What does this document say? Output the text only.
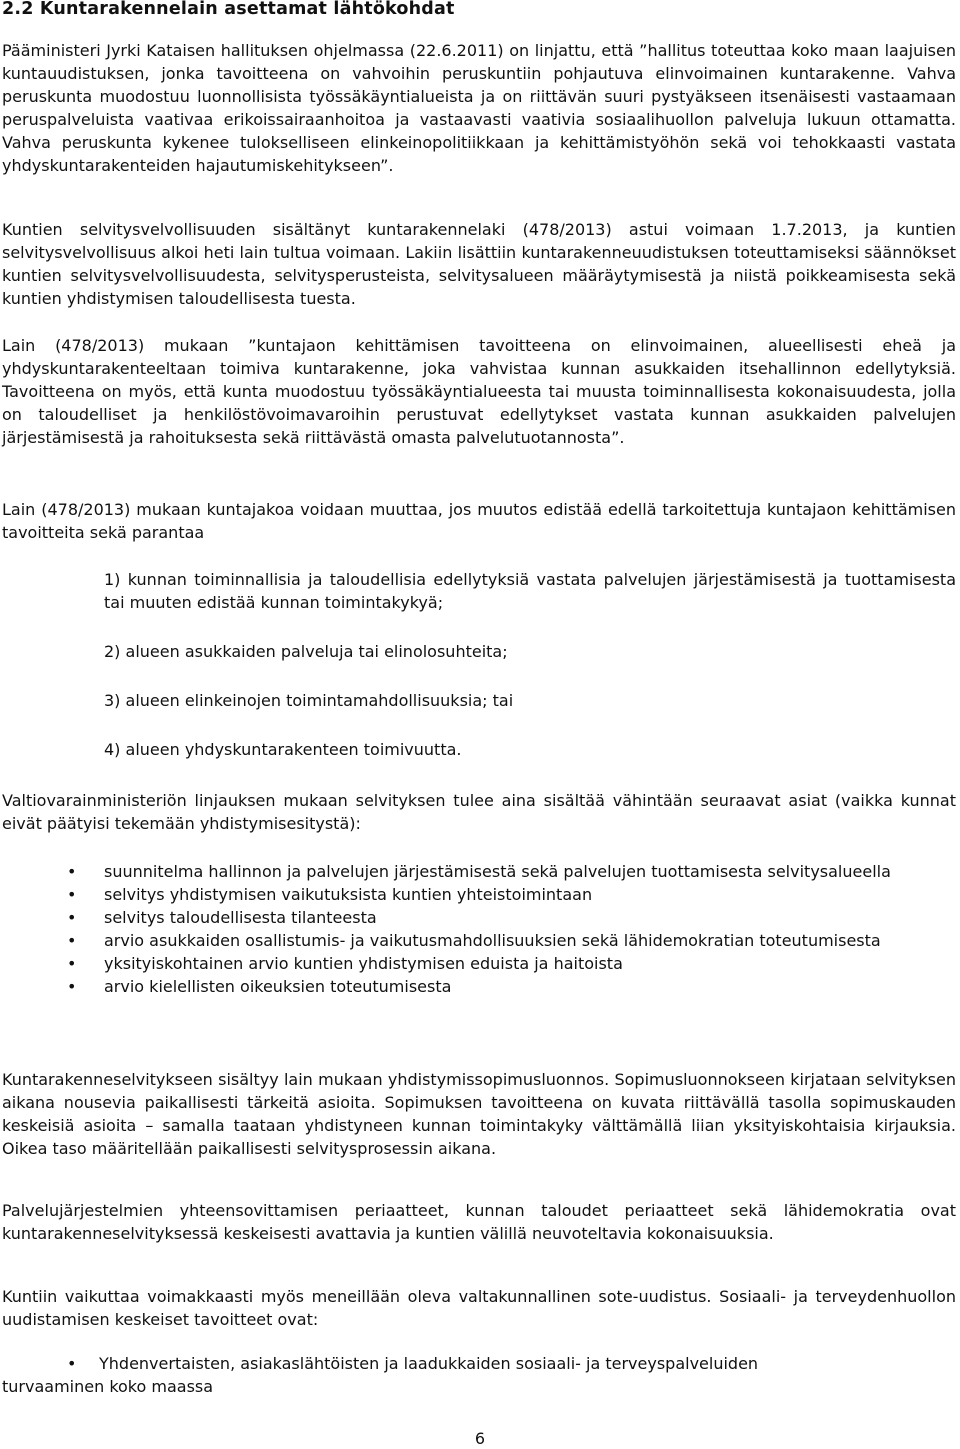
2.2 Kuntarakennelain asettamat lähtökohdat

Pääministeri Jyrki Kataisen hallituksen ohjelmassa (22.6.2011) on linjattu, että ”hallitus toteuttaa koko maan laajuisen kuntauudistuksen, jonka tavoitteena on vahvoihin peruskuntiin pohjautuva elinvoimainen kuntarakenne. Vahva peruskunta muodostuu luonnollisista työssäkäyntialueista ja on riittävän suuri pystyäkseen itsenäisesti vastaamaan peruspalveluista vaativaa erikoissairaanhoitoa ja vastaavasti vaativia sosiaalihuollon palveluja lukuun ottamatta. Vahva peruskunta kykenee tulokselliseen elinkeinopolitiikkaan ja kehittämistyöhön sekä voi tehokkaasti vastata yhdyskuntarakenteiden hajautumiskehitykseen”.

Kuntien selvitysvelvollisuuden sisältänyt kuntarakennelaki (478/2013) astui voimaan 1.7.2013, ja kuntien selvitysvelvollisuus alkoi heti lain tultua voimaan. Lakiin lisättiin kuntarakenneuudistuksen toteuttamiseksi säännökset kuntien selvitysvelvollisuudesta, selvitysperusteista, selvitysalueen määräytymisestä ja niistä poikkeamisesta sekä kuntien yhdistymisen taloudellisesta tuesta.

Lain (478/2013) mukaan ”kuntajaon kehittämisen tavoitteena on elinvoimainen, alueellisesti eheä ja yhdyskuntarakenteeltaan toimiva kuntarakenne, joka vahvistaa kunnan asukkaiden itsehallinnon edellytyksiä. Tavoitteena on myös, että kunta muodostuu työssäkäyntialueesta tai muusta toiminnallisesta kokonaisuudesta, jolla on taloudelliset ja henkilöstövoimavaroihin perustuvat edellytykset vastata kunnan asukkaiden palvelujen järjestämisestä ja rahoituksesta sekä riittävästä omasta palvelutuotannosta”.

Lain (478/2013) mukaan kuntajakoa voidaan muuttaa, jos muutos edistää edellä tarkoitettuja kuntajaon kehittämisen tavoitteita sekä parantaa

1) kunnan toiminnallisia ja taloudellisia edellytyksiä vastata palvelujen järjestämisestä ja tuottamisesta tai muuten edistää kunnan toimintakykyä;

2) alueen asukkaiden palveluja tai elinolosuhteita;

3) alueen elinkeinojen toimintamahdollisuuksia; tai

4) alueen yhdyskuntarakenteen toimivuutta.

Valtiovarainministeriön linjauksen mukaan selvityksen tulee aina sisältää vähintään seuraavat asiat (vaikka kunnat eivät päätyisi tekemään yhdistymisesitystä):

• suunnitelma hallinnon ja palvelujen järjestämisestä sekä palvelujen tuottamisesta selvitysalueella
• selvitys yhdistymisen vaikutuksista kuntien yhteistoimintaan
• selvitys taloudellisesta tilanteesta
• arvio asukkaiden osallistumis- ja vaikutusmahdollisuuksien sekä lähidemokratian toteutumisesta
• yksityiskohtainen arvio kuntien yhdistymisen eduista ja haitoista
• arvio kielellisten oikeuksien toteutumisesta

Kuntarakenneselvitykseen sisältyy lain mukaan yhdistymissopimusluonnos. Sopimusluonnokseen kirjataan selvityksen aikana nousevia paikallisesti tärkeitä asioita. Sopimuksen tavoitteena on kuvata riittävällä tasolla sopimuskauden keskeisiä asioita – samalla taataan yhdistyneen kunnan toimintakyky välttämällä liian yksityiskohtaisia kirjauksia. Oikea taso määritellään paikallisesti selvitysprosessin aikana.

Palvelujärjestelmien yhteensovittamisen periaatteet, kunnan taloudet periaatteet sekä lähidemokratia ovat kuntarakenneselvityksessä keskeisesti avattavia ja kuntien välillä neuvoteltavia kokonaisuuksia.

Kuntiin vaikuttaa voimakkaasti myös meneillään oleva valtakunnallinen sote-uudistus. Sosiaali- ja terveydenhuollon uudistamisen keskeiset tavoitteet ovat:

• Yhdenvertaisten, asiakaslähtöisten ja laadukkaiden sosiaali- ja terveyspalveluiden
turvaaminen koko maassa
6
